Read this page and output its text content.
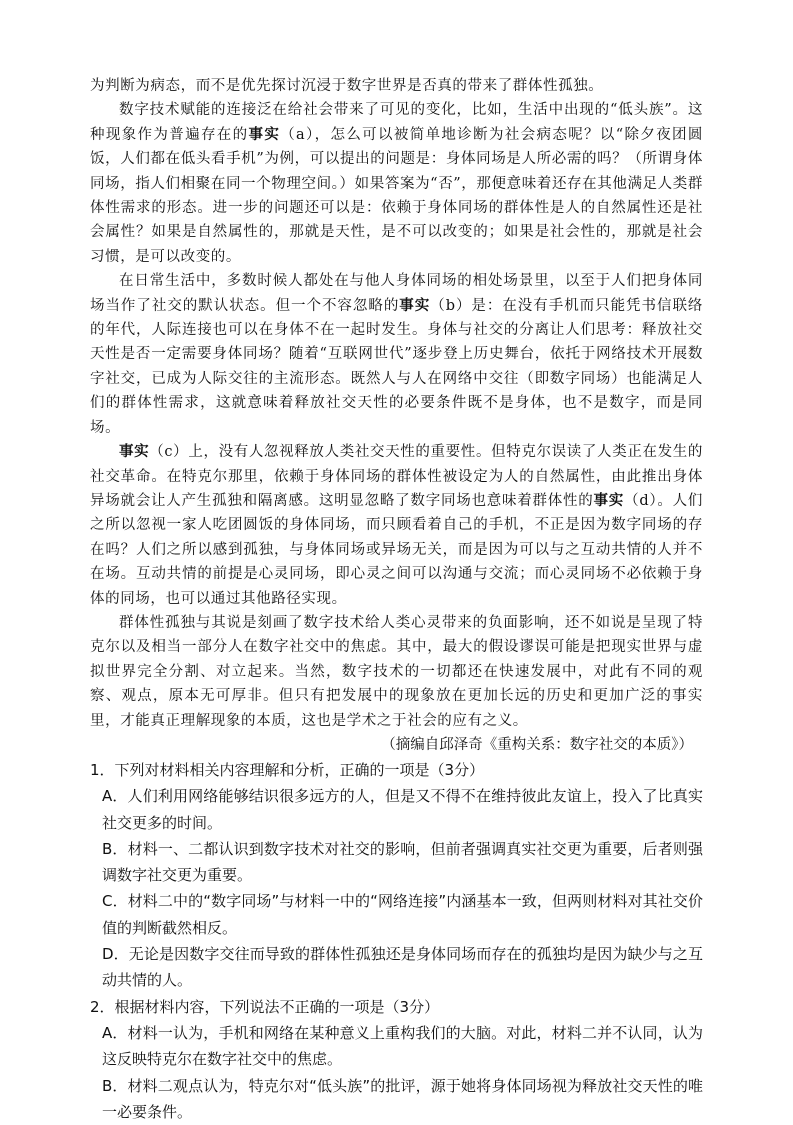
为判断为病态，而不是优先探讨沉浸于数字世界是否真的带来了群体性孤独。

数字技术赋能的连接泛在给社会带来了可见的变化，比如，生活中出现的“低头族”。这种现象作为普遍存在的事实（a），怎么可以被简单地诊断为社会病态呢？以“除夕夜团圆饭，人们都在低头看手机”为例，可以提出的问题是：身体同场是人所必需的吗？（所谓身体同场，指人们相聚在同一个物理空间。）如果答案为“否”，那便意味着还存在其他满足人类群体性需求的形态。进一步的问题还可以是：依赖于身体同场的群体性是人的自然属性还是社会属性？如果是自然属性的，那就是天性，是不可以改变的；如果是社会性的，那就是社会习惯，是可以改变的。

在日常生活中，多数时候人都处在与他人身体同场的相处场景里，以至于人们把身体同场当作了社交的默认状态。但一个不容忽略的事实（b）是：在没有手机而只能凭书信联络的年代，人际连接也可以在身体不在一起时发生。身体与社交的分离让人们思考：释放社交天性是否一定需要身体同场？随着“互联网世代”逐步登上历史舞台，依托于网络技术开展数字社交，已成为人际交往的主流形态。既然人与人在网络中交往（即数字同场）也能满足人们的群体性需求，这就意味着释放社交天性的必要条件既不是身体，也不是数字，而是同场。

事实（c）上，没有人忽视释放人类社交天性的重要性。但特克尔误读了人类正在发生的社交革命。在特克尔那里，依赖于身体同场的群体性被设定为人的自然属性，由此推出身体异场就会让人产生孤独和隔离感。这明显忽略了数字同场也意味着群体性的事实（d）。人们之所以忽视一家人吃团圆饭的身体同场，而只顾看着自己的手机，不正是因为数字同场的存在吗？人们之所以感到孤独，与身体同场或异场无关，而是因为可以与之互动共情的人并不在场。互动共情的前提是心灵同场，即心灵之间可以沟通与交流；而心灵同场不必依赖于身体的同场，也可以通过其他路径实现。

群体性孤独与其说是刻画了数字技术给人类心灵带来的负面影响，还不如说是呈现了特克尔以及相当一部分人在数字社交中的焦虑。其中，最大的假设谬误可能是把现实世界与虚拟世界完全分割、对立起来。当然，数字技术的一切都还在快速发展中，对此有不同的观察、观点，原本无可厚非。但只有把发展中的现象放在更加长远的历史和更加广泛的事实里，才能真正理解现象的本质，这也是学术之于社会的应有之义。

（摘编自邱泽奇《重构关系：数字社交的本质》）

1．下列对材料相关内容理解和分析，正确的一项是（3分）

A．人们利用网络能够结识很多远方的人，但是又不得不在维持彼此友谊上，投入了比真实社交更多的时间。

B．材料一、二都认识到数字技术对社交的影响，但前者强调真实社交更为重要，后者则强调数字社交更为重要。

C．材料二中的“数字同场”与材料一中的“网络连接”内涵基本一致，但两则材料对其社交价值的判断截然相反。

D．无论是因数字交往而导致的群体性孤独还是身体同场而存在的孤独均是因为缺少与之互动共情的人。

2．根据材料内容，下列说法不正确的一项是（3分）

A．材料一认为，手机和网络在某种意义上重构我们的大脑。对此，材料二并不认同，认为这反映特克尔在数字社交中的焦虑。

B．材料二观点认为，特克尔对“低头族”的批评，源于她将身体同场视为释放社交天性的唯一必要条件。
